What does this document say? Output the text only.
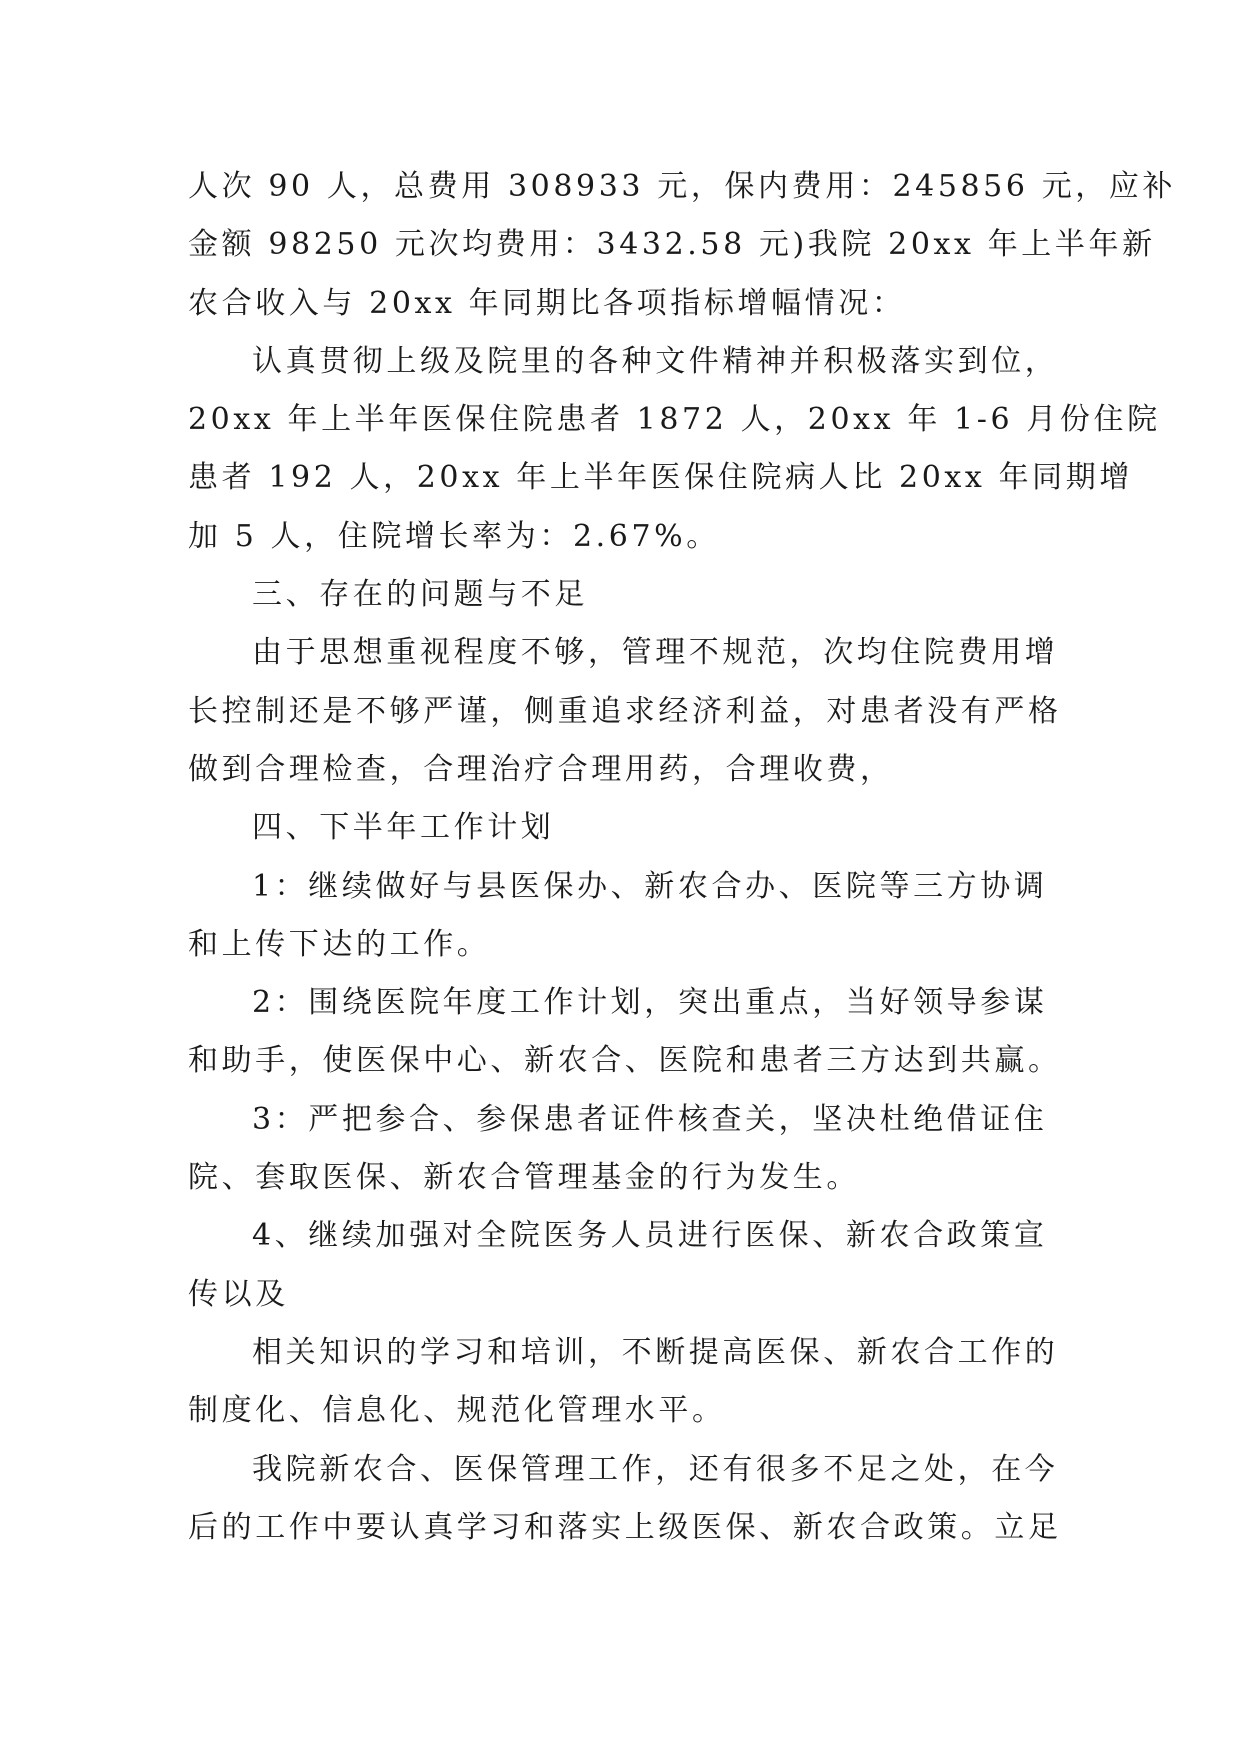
人次 90 人，总费用 308933 元，保内费用：245856 元，应补
金额 98250 元次均费用：3432.58 元)我院 20xx 年上半年新
农合收入与 20xx 年同期比各项指标增幅情况：
认真贯彻上级及院里的各种文件精神并积极落实到位，
20xx 年上半年医保住院患者 1872 人，20xx 年 1-6 月份住院
患者 192 人，20xx 年上半年医保住院病人比 20xx 年同期增
加 5 人，住院增长率为：2.67%。
三、存在的问题与不足
由于思想重视程度不够，管理不规范，次均住院费用增
长控制还是不够严谨，侧重追求经济利益，对患者没有严格
做到合理检查，合理治疗合理用药，合理收费，
四、下半年工作计划
1：继续做好与县医保办、新农合办、医院等三方协调
和上传下达的工作。
2：围绕医院年度工作计划，突出重点，当好领导参谋
和助手，使医保中心、新农合、医院和患者三方达到共赢。
3：严把参合、参保患者证件核查关，坚决杜绝借证住
院、套取医保、新农合管理基金的行为发生。
4、继续加强对全院医务人员进行医保、新农合政策宣
传以及
相关知识的学习和培训，不断提高医保、新农合工作的
制度化、信息化、规范化管理水平。
我院新农合、医保管理工作，还有很多不足之处，在今
后的工作中要认真学习和落实上级医保、新农合政策。立足
